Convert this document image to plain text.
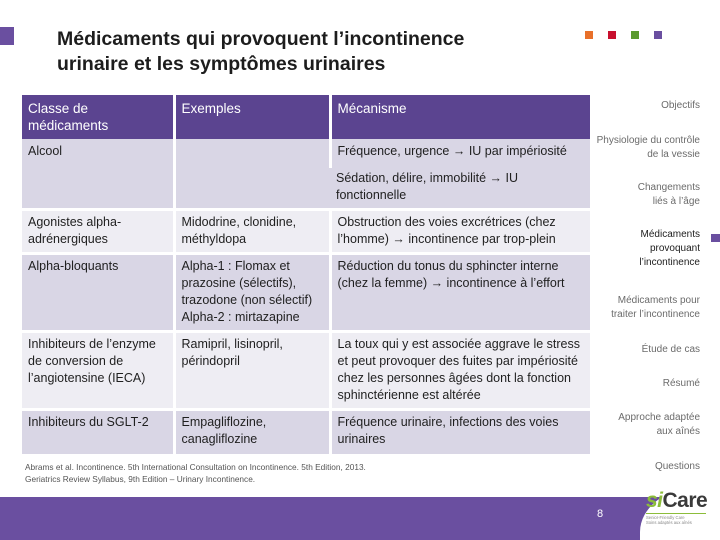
Médicaments qui provoquent l’incontinence
urinaire et les symptômes urinaires
Classe de médicaments	Exemples	Mécanisme
Alcool		Fréquence, urgence → IU par impériosité
		Sédation, délire, immobilité → IU fonctionnelle
Agonistes alpha-adrénergiques	Midodrine, clonidine, méthyldopa	Obstruction des voies excrétrices (chez l’homme) → incontinence par trop-plein
Alpha-bloquants	Alpha-1 : Flomax et prazosine (sélectifs), trazodone (non sélectif) Alpha-2 : mirtazapine	Réduction du tonus du sphincter interne (chez la femme) → incontinence à l’effort
Inhibiteurs de l’enzyme de conversion de l’angiotensine (IECA)	Ramipril, lisinopril, périndopril	La toux qui y est associée aggrave le stress et peut provoquer des fuites par impériosité chez les personnes âgées dont la fonction sphinctérienne est altérée
Inhibiteurs du SGLT-2	Empagliflozine, canagliflozine	Fréquence urinaire, infections des voies urinaires
Objectifs
Physiologie du contrôle de la vessie
Changements liés à l’âge
Médicaments provoquant l’incontinence
Médicaments pour traiter l’incontinence
Étude de cas
Résumé
Approche adaptée aux aînés
Questions
Abrams et al. Incontinence. 5th International Consultation on Incontinence. 5th Edition, 2013.
Geriatrics Review Syllabus, 9th Edition – Urinary Incontinence.
8
siCare
Senior-Friendly Care
Soins adaptés aux aînés
